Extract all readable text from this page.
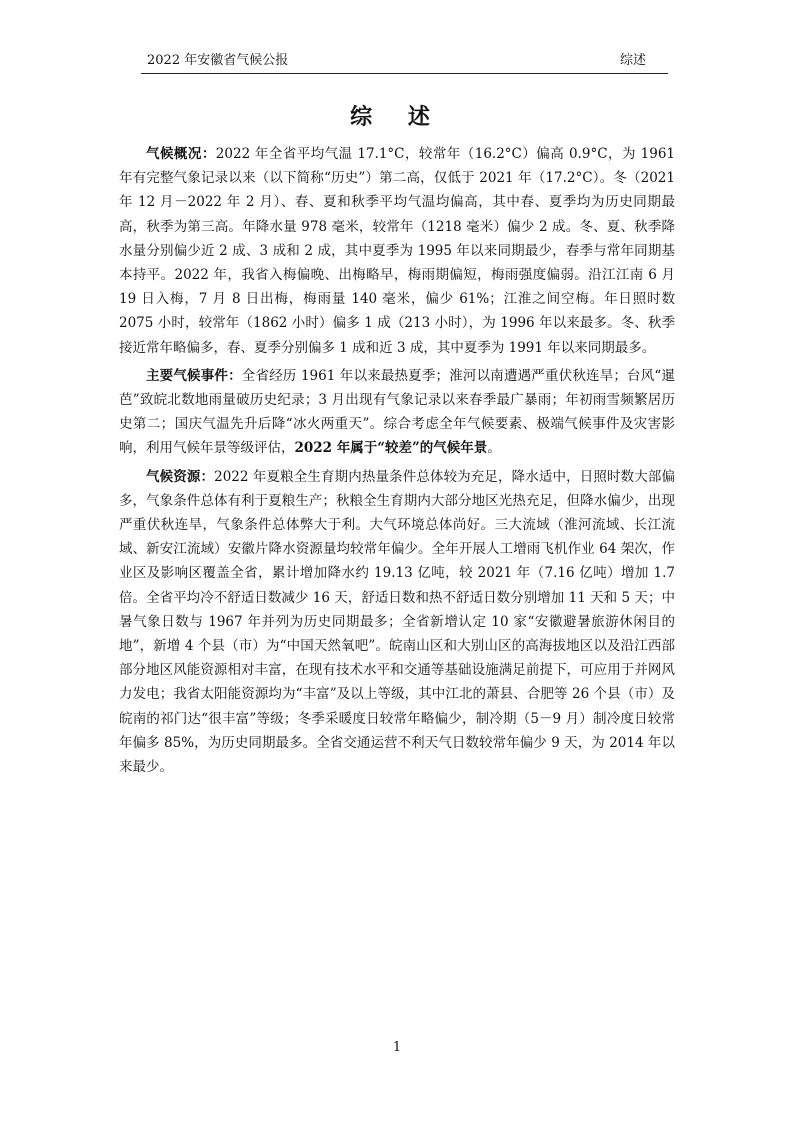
2022 年安徽省气候公报	综述
综 述

气候概况：2022 年全省平均气温 17.1°C，较常年（16.2°C）偏高 0.9°C，为 1961 年有完整气象记录以来（以下简称“历史”）第二高，仅低于 2021 年（17.2°C）。冬（2021 年 12 月－2022 年 2 月）、春、夏和秋季平均气温均偏高，其中春、夏季均为历史同期最高，秋季为第三高。年降水量 978 毫米，较常年（1218 毫米）偏少 2 成。冬、夏、秋季降水量分别偏少近 2 成、3 成和 2 成，其中夏季为 1995 年以来同期最少，春季与常年同期基本持平。2022 年，我省入梅偏晚、出梅略早，梅雨期偏短，梅雨强度偏弱。沿江江南 6 月 19 日入梅，7 月 8 日出梅，梅雨量 140 毫米，偏少 61%；江淮之间空梅。年日照时数 2075 小时，较常年（1862 小时）偏多 1 成（213 小时），为 1996 年以来最多。冬、秋季接近常年略偏多，春、夏季分别偏多 1 成和近 3 成，其中夏季为 1991 年以来同期最多。

主要气候事件：全省经历 1961 年以来最热夏季；淮河以南遭遇严重伏秋连旱；台风“暹芭”致皖北数地雨量破历史纪录；3 月出现有气象记录以来春季最广暴雨；年初雨雪频繁居历史第二；国庆气温先升后降“冰火两重天”。综合考虑全年气候要素、极端气候事件及灾害影响，利用气候年景等级评估，2022 年属于“较差”的气候年景。

气候资源：2022 年夏粮全生育期内热量条件总体较为充足，降水适中，日照时数大部偏多，气象条件总体有利于夏粮生产；秋粮全生育期内大部分地区光热充足，但降水偏少，出现严重伏秋连旱，气象条件总体弊大于利。大气环境总体尚好。三大流域（淮河流域、长江流域、新安江流域）安徽片降水资源量均较常年偏少。全年开展人工增雨飞机作业 64 架次，作业区及影响区覆盖全省，累计增加降水约 19.13 亿吨，较 2021 年（7.16 亿吨）增加 1.7 倍。全省平均冷不舒适日数减少 16 天，舒适日数和热不舒适日数分别增加 11 天和 5 天；中暑气象日数与 1967 年并列为历史同期最多；全省新增认定 10 家“安徽避暑旅游休闲目的地”，新增 4 个县（市）为“中国天然氧吧”。皖南山区和大别山区的高海拔地区以及沿江西部部分地区风能资源相对丰富，在现有技术水平和交通等基础设施满足前提下，可应用于并网风力发电；我省太阳能资源均为“丰富”及以上等级，其中江北的萧县、合肥等 26 个县（市）及皖南的祁门达“很丰富”等级；冬季采暖度日较常年略偏少，制冷期（5－9 月）制冷度日较常年偏多 85%，为历史同期最多。全省交通运营不利天气日数较常年偏少 9 天，为 2014 年以来最少。

1
